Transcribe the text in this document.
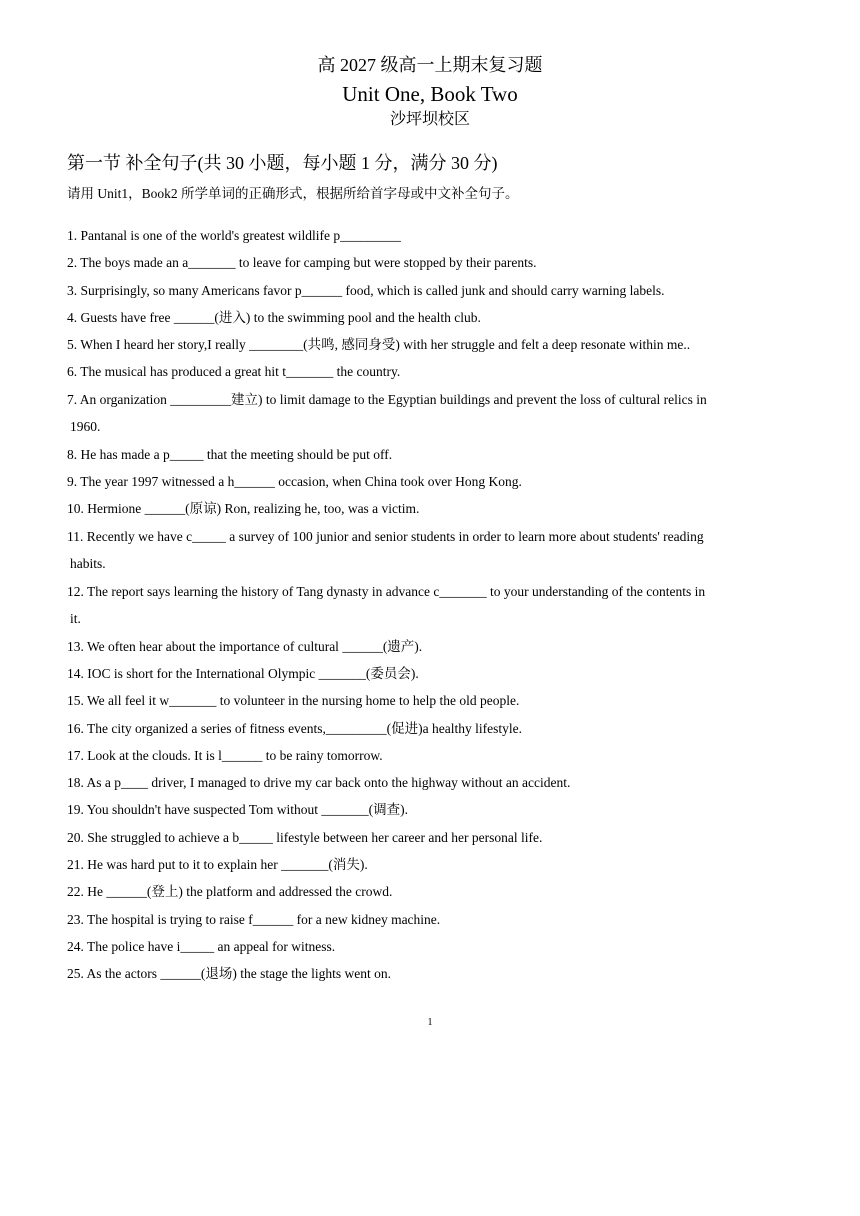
高 2027 级高一上期末复习题
Unit One, Book Two
沙坪坝校区
第一节 补全句子(共 30 小题，每小题 1 分，满分 30 分)
请用 Unit1，Book2 所学单词的正确形式，根据所给首字母或中文补全句子。
1. Pantanal is one of the world's greatest wildlife p_________
2. The boys made an a_______ to leave for camping but were stopped by their parents.
3. Surprisingly, so many Americans favor p______ food, which is called junk and should carry warning labels.
4. Guests have free ______(进入) to the swimming pool and the health club.
5. When I heard her story,I really ________(共鸣, 感同身受) with her struggle and felt a deep resonate within me..
6. The musical has produced a great hit t_______ the country.
7. An organization _________建立) to limit damage to the Egyptian buildings and prevent the loss of cultural relics in
1960.
8. He has made a p_____ that the meeting should be put off.
9. The year 1997 witnessed a h______ occasion, when China took over Hong Kong.
10. Hermione ______(原谅) Ron, realizing he, too, was a victim.
11. Recently we have c_____ a survey of 100 junior and senior students in order to learn more about students' reading
habits.
12. The report says learning the history of Tang dynasty in advance c_______ to your understanding of the contents in
it.
13. We often hear about the importance of cultural ______(遗产).
14. IOC is short for the International Olympic _______(委员会).
15. We all feel it w_______ to volunteer in the nursing home to help the old people.
16. The city organized a series of fitness events,_________(促进)a healthy lifestyle.
17. Look at the clouds. It is l______ to be rainy tomorrow.
18. As a p____ driver, I managed to drive my car back onto the highway without an accident.
19. You shouldn't have suspected Tom without _______(调查).
20. She struggled to achieve a b_____ lifestyle between her career and her personal life.
21. He was hard put to it to explain her _______(消失).
22. He ______(登上) the platform and addressed the crowd.
23. The hospital is trying to raise f______ for a new kidney machine.
24. The police have i_____ an appeal for witness.
25. As the actors ______(退场) the stage the lights went on.
1
